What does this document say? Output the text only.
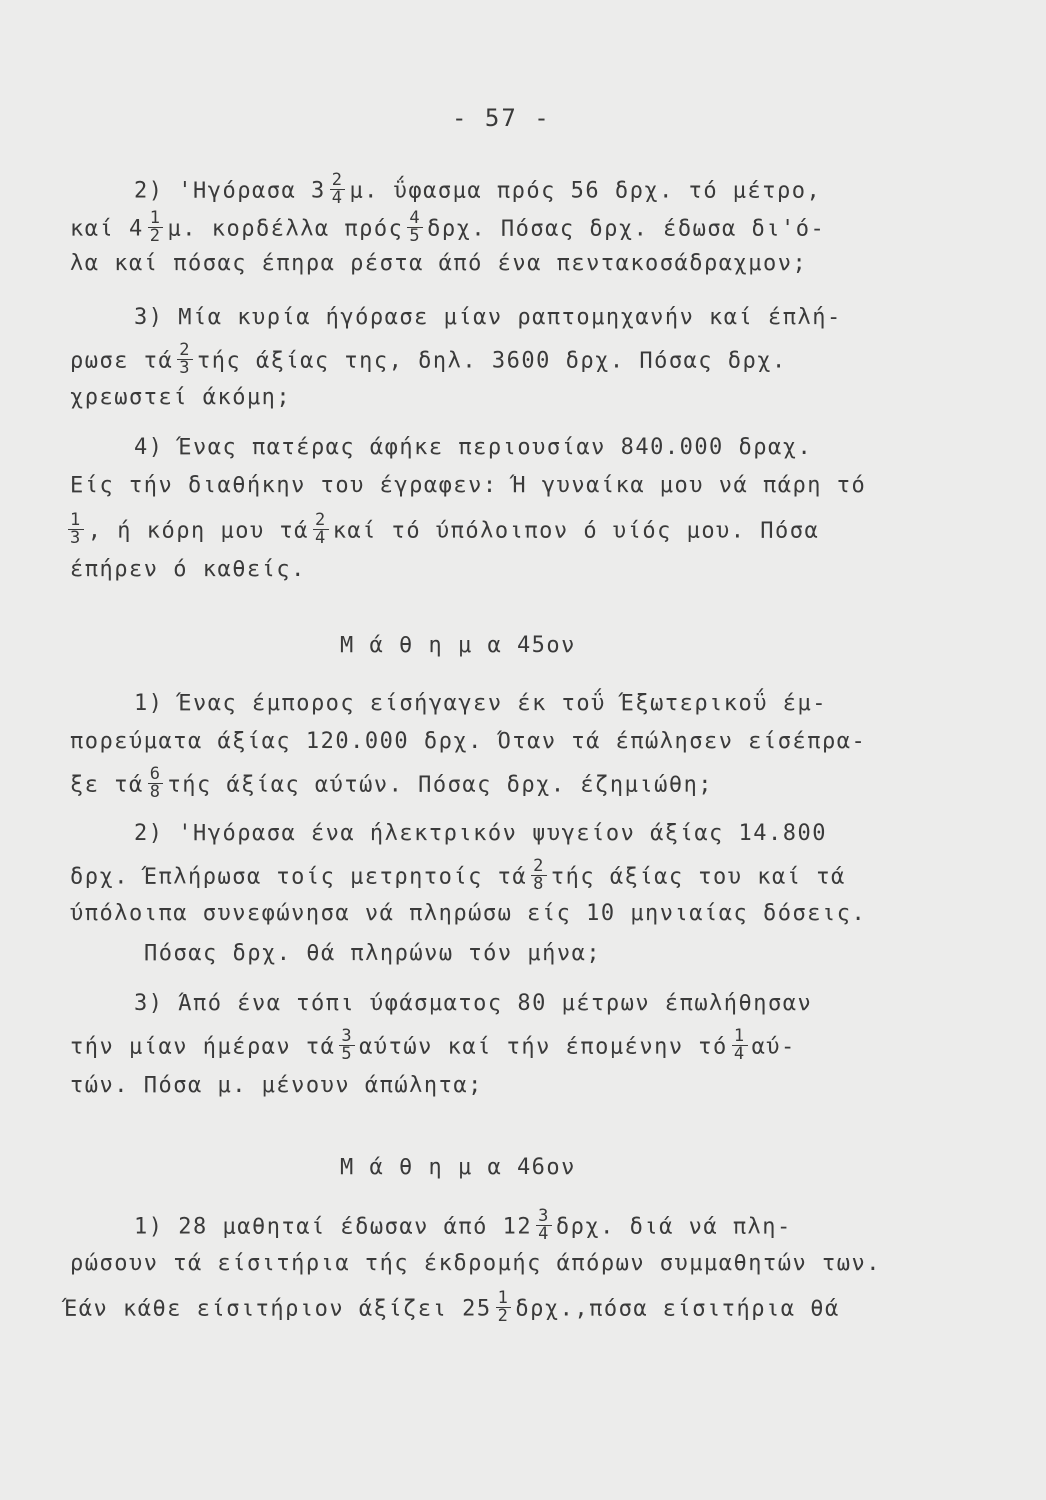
- 57 -
2) 'Ηγόρασα $3 \frac{2}{4} \mu$. ΰφασμα πρός 56 δρχ. τό μέτρο,
καί $4 \frac{1}{2} \mu$. κορδέλλα πρός $\frac{4}{5} \delta\rho\chi$. Πόσας δρχ. έδωσα δι'ό-
λα καί πόσας έπηρα ρέστα άπό ένα πεντακοσάδραχμον;
3) Μία κυρία ήγόρασε μίαν ραπτομηχανήν καί έπλή-
ρωσε τά $\frac{2}{3}$ τής άξίας της, δηλ. 3600 δρχ. Πόσας δρχ.
χρεωστεί άκόμη;
4) Ένας πατέρας άφήκε περιουσίαν 840.000 δραχ.
Είς τήν διαθήκην του έγραφεν: Ή γυναίκα μου νά πάρη τό
$\frac{1}{3}$ , ή κόρη μου τά $\frac{2}{4}$ καί τό ύπόλοιπον ό υίός μου. Πόσα
έπήρεν ό καθείς.
Μ ά θ η μ α 45ον
1) Ένας έμπορος είσήγαγεν έκ τοΰ Έξωτερικοΰ έμ-
πορεύματα άξίας 120.000 δρχ. Όταν τά έπώλησεν είσέπρα-
ξε τά $\frac{6}{8}$ τής άξίας αύτών. Πόσας δρχ. έζημιώθη;
2) 'Ηγόρασα ένα ήλεκτρικόν ψυγείον άξίας 14.800
δρχ. Έπλήρωσα τοίς μετρητοίς τά $\frac{2}{8}$ τής άξίας του καί τά
ύπόλοιπα συνεφώνησα νά πληρώσω είς 10 μηνιαίας δόσεις.
Πόσας δρχ. θά πληρώνω τόν μήνα;
3) Άπό ένα τόπι ύφάσματος 80 μέτρων έπωλήθησαν
τήν μίαν ήμέραν τά $\frac{3}{5}$ αύτών καί τήν έπομένην τό $\frac{1}{4} \alpha ύ-$
τών. Πόσα μ. μένουν άπώλητα;
Μ ά θ η μ α 46ον
1) 28 μαθηταί έδωσαν άπό $12 \frac{3}{4} \delta\rho\chi$. διά νά πλη-
ρώσουν τά είσιτήρια τής έκδρομής άπόρων συμμαθητών των.
Έάν κάθε είσιτήριον άξίζει $25 \frac{1}{2} \delta\rho\chi.,\pi ό\sigma\alpha$ είσιτήρια θά
